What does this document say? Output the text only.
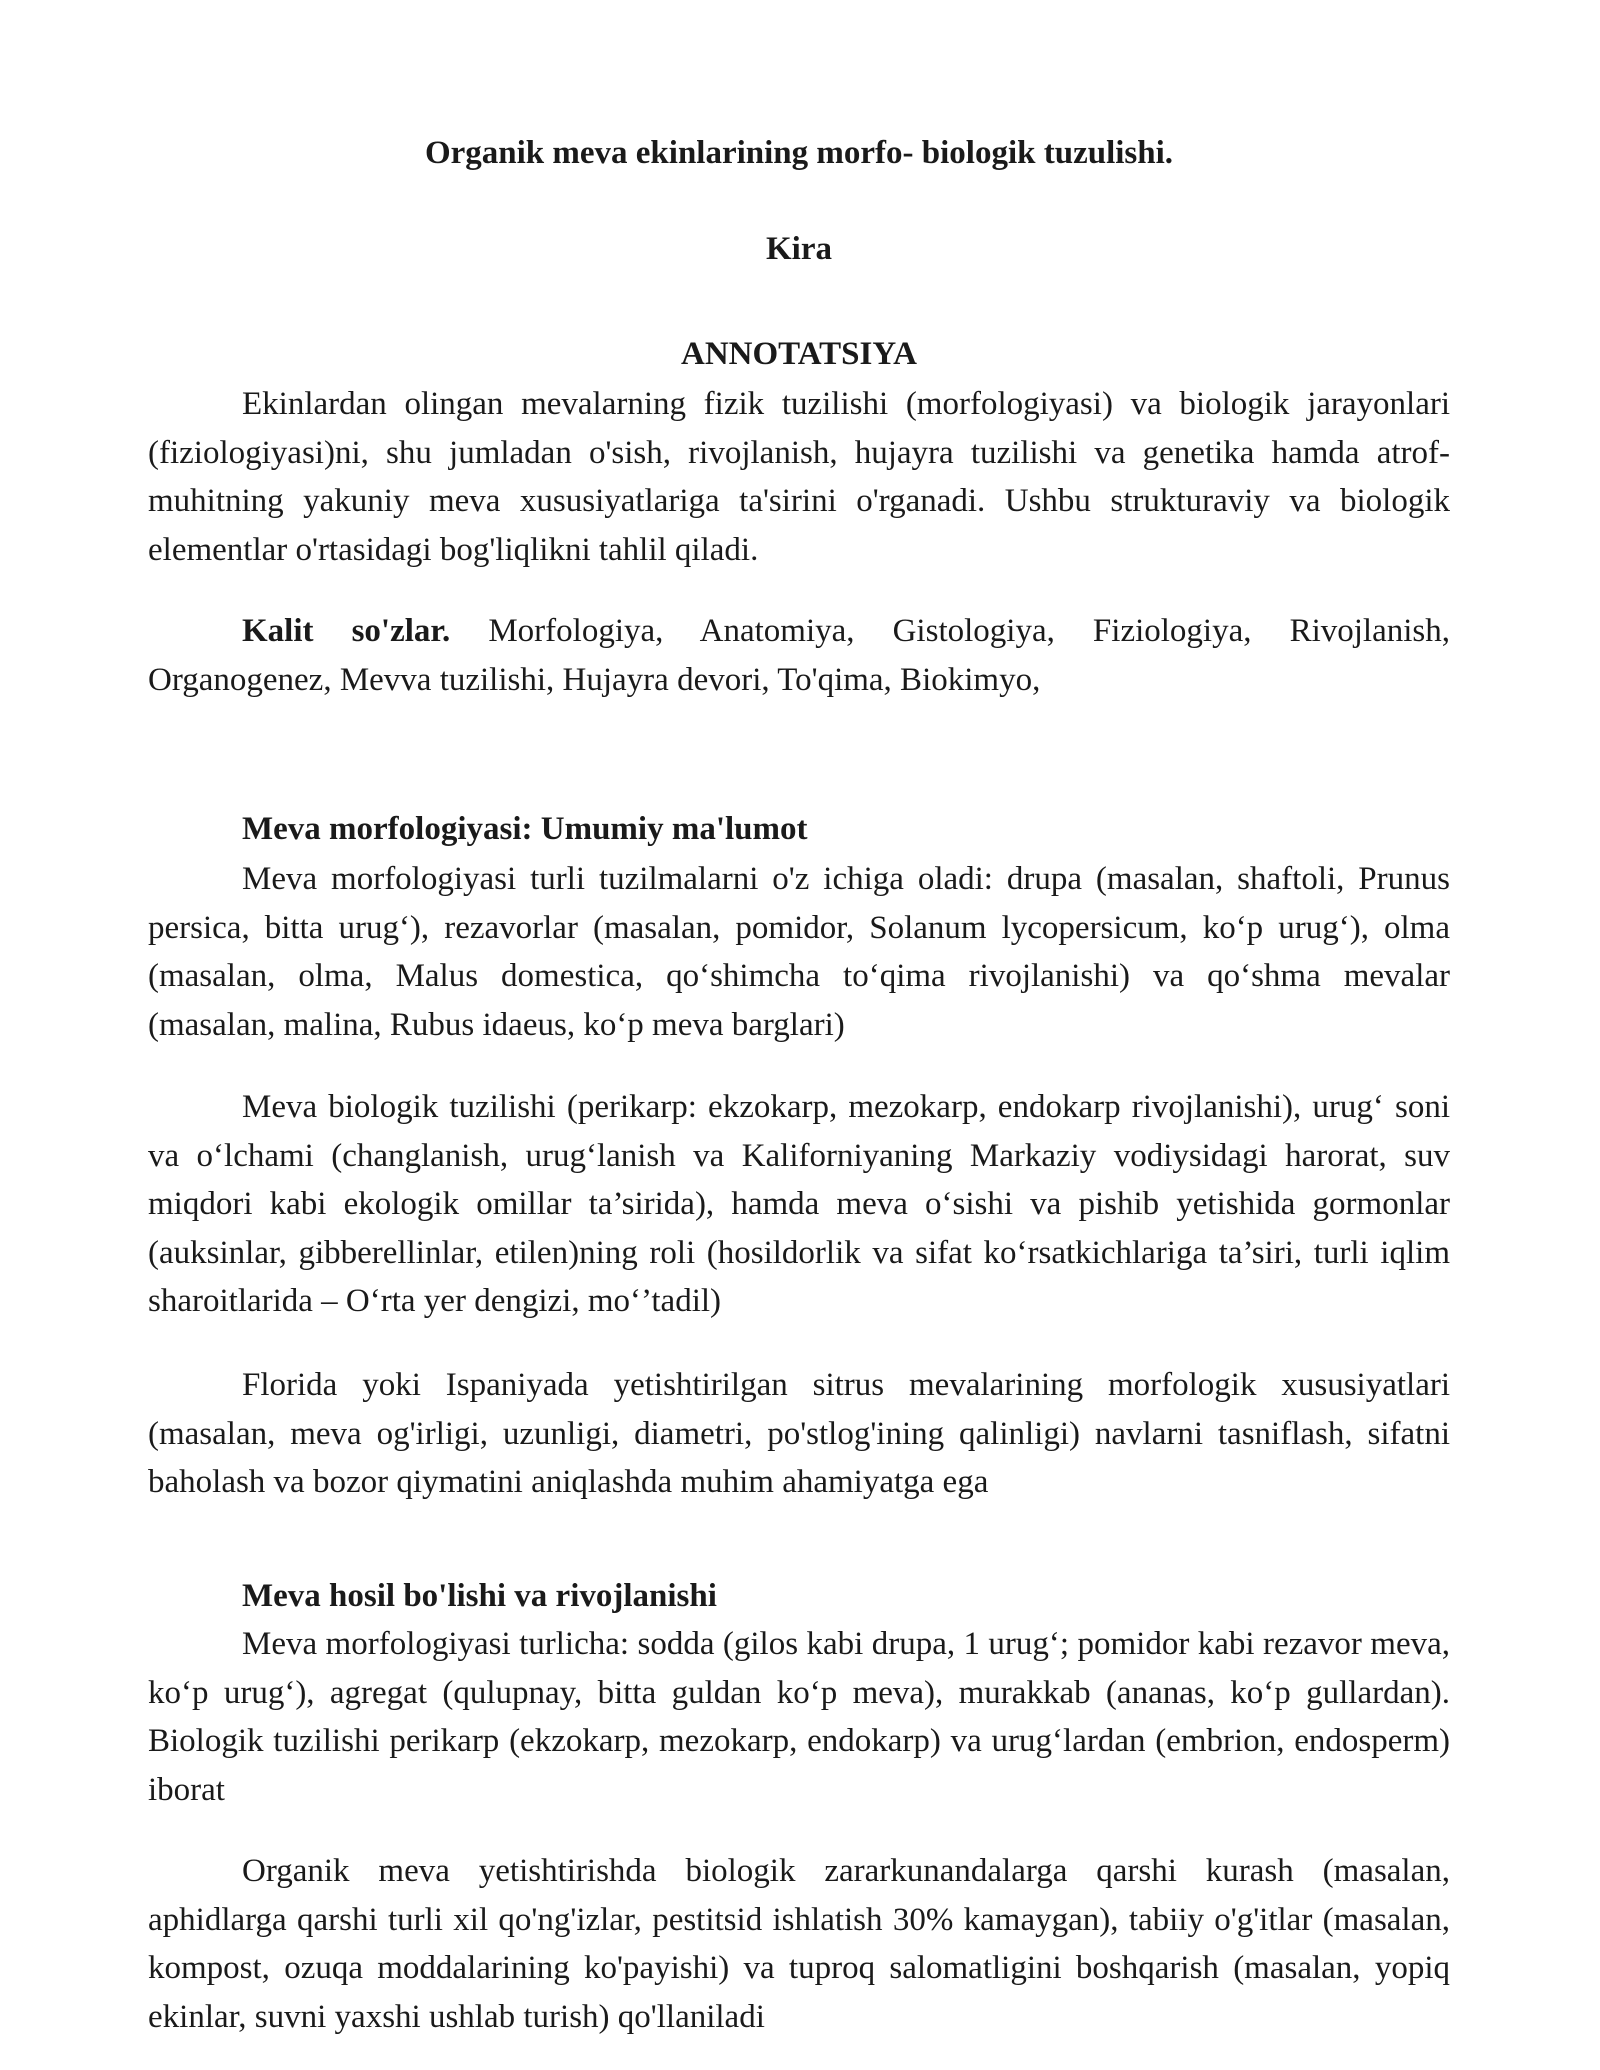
Organik meva ekinlarining morfo- biologik tuzulishi.
Kira
ANNOTATSIYA

Ekinlardan olingan mevalarning fizik tuzilishi (morfologiyasi) va biologik jarayonlari (fiziologiyasi)ni, shu jumladan o'sish, rivojlanish, hujayra tuzilishi va genetika hamda atrof-muhitning yakuniy meva xususiyatlariga ta'sirini o'rganadi. Ushbu strukturaviy va biologik elementlar o'rtasidagi bog'liqlikni tahlil qiladi.

Kalit so'zlar. Morfologiya, Anatomiya, Gistologiya, Fiziologiya, Rivojlanish, Organogenez, Mevva tuzilishi, Hujayra devori, To'qima, Biokimyo,

Meva morfologiyasi: Umumiy ma'lumot

Meva morfologiyasi turli tuzilmalarni o'z ichiga oladi: drupa (masalan, shaftoli, Prunus persica, bitta urug‘), rezavorlar (masalan, pomidor, Solanum lycopersicum, ko‘p urug‘), olma (masalan, olma, Malus domestica, qo‘shimcha to‘qima rivojlanishi) va qo‘shma mevalar (masalan, malina, Rubus idaeus, ko‘p meva barglari)

Meva biologik tuzilishi (perikarp: ekzokarp, mezokarp, endokarp rivojlanishi), urug‘ soni va o‘lchami (changlanish, urug‘lanish va Kaliforniyaning Markaziy vodiysidagi harorat, suv miqdori kabi ekologik omillar ta’sirida), hamda meva o‘sishi va pishib yetishida gormonlar (auksinlar, gibberellinlar, etilen)ning roli (hosildorlik va sifat ko‘rsatkichlariga ta’siri, turli iqlim sharoitlarida – O‘rta yer dengizi, mo‘’tadil)

Florida yoki Ispaniyada yetishtirilgan sitrus mevalarining morfologik xususiyatlari (masalan, meva og'irligi, uzunligi, diametri, po'stlog'ining qalinligi) navlarni tasniflash, sifatni baholash va bozor qiymatini aniqlashda muhim ahamiyatga ega

Meva hosil bo'lishi va rivojlanishi

Meva morfologiyasi turlicha: sodda (gilos kabi drupa, 1 urug‘; pomidor kabi rezavor meva, ko‘p urug‘), agregat (qulupnay, bitta guldan ko‘p meva), murakkab (ananas, ko‘p gullardan). Biologik tuzilishi perikarp (ekzokarp, mezokarp, endokarp) va urug‘lardan (embrion, endosperm) iborat

Organik meva yetishtirishda biologik zararkunandalarga qarshi kurash (masalan, aphidlarga qarshi turli xil qo'ng'izlar, pestitsid ishlatish 30% kamaygan), tabiiy o'g'itlar (masalan, kompost, ozuqa moddalarining ko'payishi) va tuproq salomatligini boshqarish (masalan, yopiq ekinlar, suvni yaxshi ushlab turish) qo'llaniladi
